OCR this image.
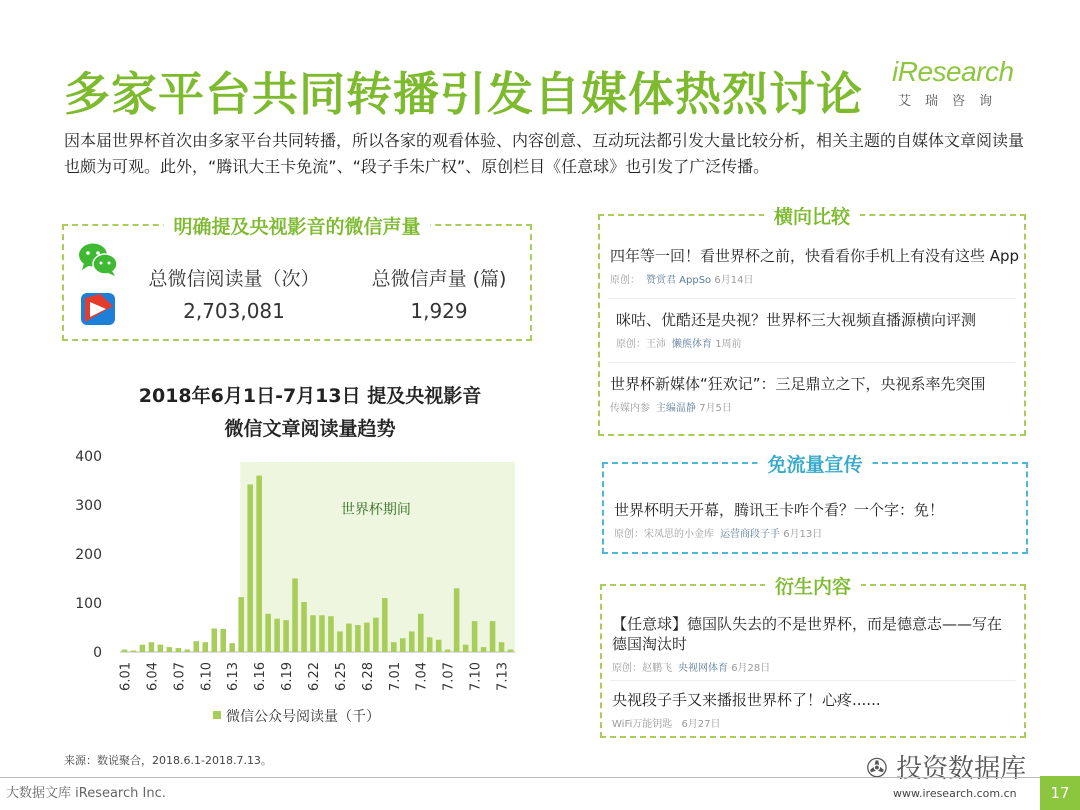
多家平台共同转播引发自媒体热烈讨论 iResearch
艾瑞咨询
因本届世界杯首次由多家平台共同转播，所以各家的观看体验、内容创意、互动玩法都引发大量比较分析，相关主题的自媒体文章阅读量也颇为可观。此外，“腾讯大王卡免流”、“段子手朱广权”、原创栏目《任意球》也引发了广泛传播。
明确提及央视影音的微信声量
总微信阅读量（次）
2,703,081
总微信声量 (篇)
1,929
2018年6月1日-7月13日 提及央视影音
微信文章阅读量趋势
世界杯期间
0
100
200
300
400
6.01 6.04 6.07 6.10 6.13 6.16 6.19 6.22 6.25 6.28 7.01 7.04 7.07 7.10 7.13
微信公众号阅读量（千）
来源：数说聚合，2018.6.1-2018.7.13。
横向比较
四年等一回！看世界杯之前，快看看你手机上有没有这些 App
原创： 赞赏君 AppSo 6月14日
咪咕、优酷还是央视？世界杯三大视频直播源横向评测
原创：王沛 懒熊体育 1周前
世界杯新媒体“狂欢记”：三足鼎立之下，央视系率先突围
传媒内参 主编温静 7月5日
免流量宣传
世界杯明天开幕，腾讯王卡咋个看？一个字：免！
原创：宋凤思的小金库 运营商段子手 6月13日
衍生内容
【任意球】德国队失去的不是世界杯，而是德意志——写在德国淘汰时
原创：赵鹏飞 央视网体育 6月28日
央视段子手又来播报世界杯了！心疼......
WiFi万能钥匙 6月27日
✇ 投资数据库
大数据文库 iResearch Inc.	www.iresearch.com.cn	17
